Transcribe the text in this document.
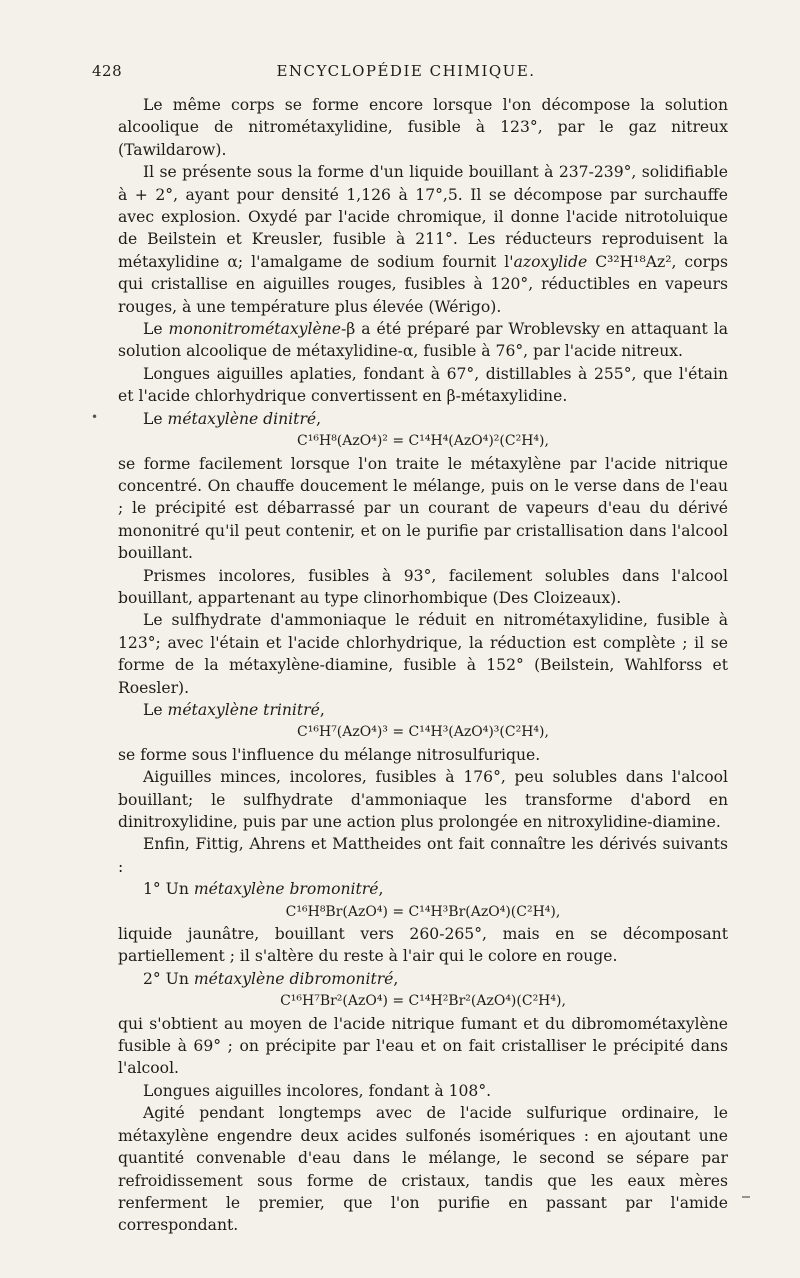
428	ENCYCLOPÉDIE CHIMIQUE.
•

Le même corps se forme encore lorsque l'on décompose la solution alcoolique de nitrométaxylidine, fusible à 123°, par le gaz nitreux (Tawildarow).

Il se présente sous la forme d'un liquide bouillant à 237-239°, solidifiable à + 2°, ayant pour densité 1,126 à 17°,5. Il se décompose par surchauffe avec explosion. Oxydé par l'acide chromique, il donne l'acide nitrotoluique de Beilstein et Kreusler, fusible à 211°. Les réducteurs reproduisent la métaxylidine α; l'amalgame de sodium fournit l'azoxylide C³²H¹⁸Az², corps qui cristallise en aiguilles rouges, fusibles à 120°, réductibles en vapeurs rouges, à une température plus élevée (Wérigo).

Le mononitrométaxylène-β a été préparé par Wroblevsky en attaquant la solution alcoolique de métaxylidine-α, fusible à 76°, par l'acide nitreux.

Longues aiguilles aplaties, fondant à 67°, distillables à 255°, que l'étain et l'acide chlorhydrique convertissent en β-métaxylidine.

Le métaxylène dinitré,

C¹⁶H⁸(AzO⁴)² = C¹⁴H⁴(AzO⁴)²(C²H⁴),

se forme facilement lorsque l'on traite le métaxylène par l'acide nitrique concentré. On chauffe doucement le mélange, puis on le verse dans de l'eau ; le précipité est débarrassé par un courant de vapeurs d'eau du dérivé mononitré qu'il peut contenir, et on le purifie par cristallisation dans l'alcool bouillant.

Prismes incolores, fusibles à 93°, facilement solubles dans l'alcool bouillant, appartenant au type clinorhombique (Des Cloizeaux).

Le sulfhydrate d'ammoniaque le réduit en nitrométaxylidine, fusible à 123°; avec l'étain et l'acide chlorhydrique, la réduction est complète ; il se forme de la métaxylène-diamine, fusible à 152° (Beilstein, Wahlforss et Roesler).

Le métaxylène trinitré,

C¹⁶H⁷(AzO⁴)³ = C¹⁴H³(AzO⁴)³(C²H⁴),

se forme sous l'influence du mélange nitrosulfurique.

Aiguilles minces, incolores, fusibles à 176°, peu solubles dans l'alcool bouillant; le sulfhydrate d'ammoniaque les transforme d'abord en dinitroxylidine, puis par une action plus prolongée en nitroxylidine-diamine.

Enfin, Fittig, Ahrens et Mattheides ont fait connaître les dérivés suivants :

1° Un métaxylène bromonitré,

C¹⁶H⁸Br(AzO⁴) = C¹⁴H³Br(AzO⁴)(C²H⁴),

liquide jaunâtre, bouillant vers 260-265°, mais en se décomposant partiellement ; il s'altère du reste à l'air qui le colore en rouge.

2° Un métaxylène dibromonitré,

C¹⁶H⁷Br²(AzO⁴) = C¹⁴H²Br²(AzO⁴)(C²H⁴),

qui s'obtient au moyen de l'acide nitrique fumant et du dibromométaxylène fusible à 69° ; on précipite par l'eau et on fait cristalliser le précipité dans l'alcool.

Longues aiguilles incolores, fondant à 108°.

Agité pendant longtemps avec de l'acide sulfurique ordinaire, le métaxylène engendre deux acides sulfonés isomériques : en ajoutant une quantité convenable d'eau dans le mélange, le second se sépare par refroidissement sous forme de cristaux, tandis que les eaux mères renferment le premier, que l'on purifie en passant par l'amide correspondant.
